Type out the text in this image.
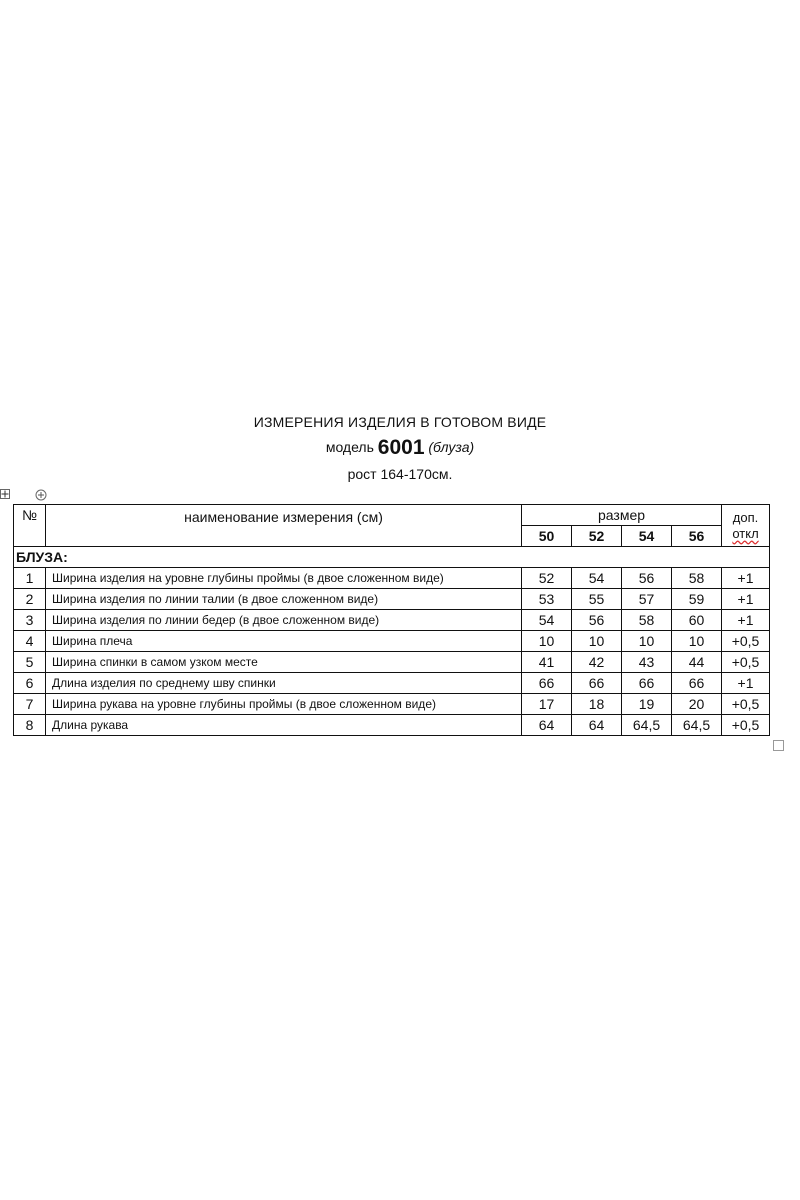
ИЗМЕРЕНИЯ ИЗДЕЛИЯ В ГОТОВОМ ВИДЕ
модель 6001 (блуза)
рост 164-170см.
№	наименование измерения (см)	размер				доп.
откл

		50	52	54	56	
БЛУЗА:						
1	Ширина изделия на уровне глубины проймы (в двое сложенном виде)	52	54	56	58	+1
2	Ширина изделия по линии талии (в двое сложенном виде)	53	55	57	59	+1
3	Ширина изделия по линии бедер (в двое сложенном виде)	54	56	58	60	+1
4	Ширина плеча	10	10	10	10	+0,5
5	Ширина спинки в самом узком месте	41	42	43	44	+0,5
6	Длина изделия по среднему шву спинки	66	66	66	66	+1
7	Ширина рукава на уровне глубины проймы (в двое сложенном виде)	17	18	19	20	+0,5
8	Длина рукава	64	64	64,5	64,5	+0,5
